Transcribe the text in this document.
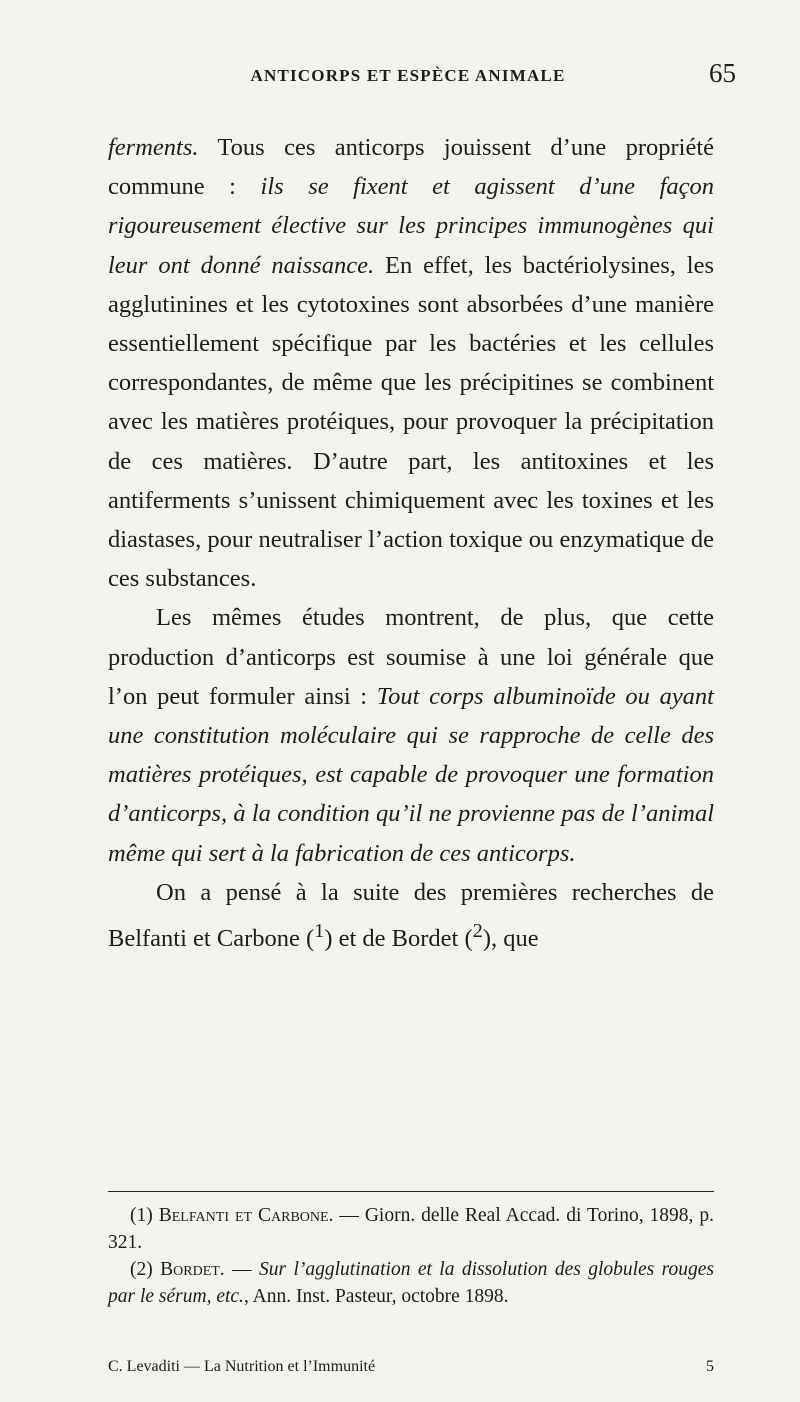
ANTICORPS ET ESPÈCE ANIMALE	65

ferments. Tous ces anticorps jouissent d’une propriété commune : ils se fixent et agissent d’une façon rigoureusement élective sur les principes immunogènes qui leur ont donné naissance. En effet, les bactériolysines, les agglutinines et les cytotoxines sont absorbées d’une manière essentiellement spécifique par les bactéries et les cellules correspondantes, de même que les précipitines se combinent avec les matières protéiques, pour provoquer la précipitation de ces matières. D’autre part, les antitoxines et les antiferments s’unissent chimiquement avec les toxines et les diastases, pour neutraliser l’action toxique ou enzymatique de ces substances.

Les mêmes études montrent, de plus, que cette production d’anticorps est soumise à une loi générale que l’on peut formuler ainsi : Tout corps albuminoïde ou ayant une constitution moléculaire qui se rapproche de celle des matières protéiques, est capable de provoquer une formation d’anticorps, à la condition qu’il ne provienne pas de l’animal même qui sert à la fabrication de ces anticorps.

On a pensé à la suite des premières recherches de Belfanti et Carbone ($^1$) et de Bordet ($^2$), que

(1) Belfanti et Carbone. — Giorn. delle Real Accad. di Torino, 1898, p. 321.

(2) Bordet. — Sur l’agglutination et la dissolution des globules rouges par le sérum, etc., Ann. Inst. Pasteur, octobre 1898.

C. Levaditi — La Nutrition et l’Immunité	5
